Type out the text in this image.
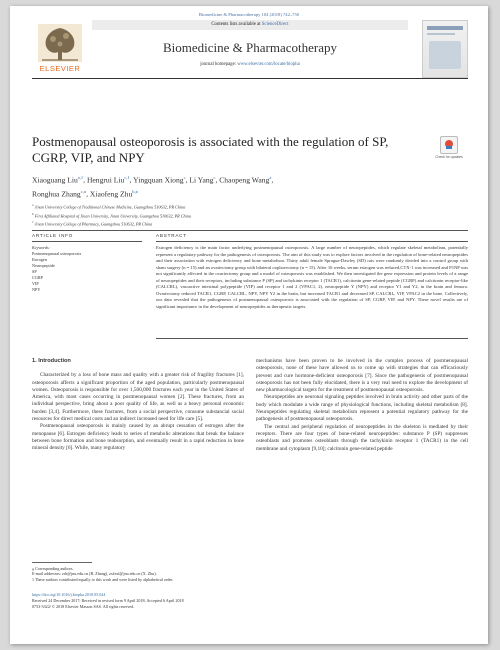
Biomedicine & Pharmacotherapy 104 (2018) 742–750
ELSEVIER
Contents lists available at ScienceDirect
Biomedicine & Pharmacotherapy
journal homepage: www.elsevier.com/locate/biopha
Postmenopausal osteoporosis is associated with the regulation of SP, CGRP, VIP, and NPY	Check for updates
Xiaoguang Liu$^{a,1}$, Hengrui Liu$^{c,1}$, Yingquan Xiong$^c$, Li Yang$^c$, Chaopeng Wang$^a$,
Ronghua Zhang$^{c,⁎}$, Xiaofeng Zhu$^{b,⁎}$
$^a$ Jinan University College of Traditional Chinese Medicine, Guangzhou 510632, PR China
$^b$ First Affiliated Hospital of Jinan University, Jinan University, Guangzhou 510632, PR China
$^c$ Jinan University College of Pharmacy, Guangzhou 510632, PR China
ARTICLE INFO	ABSTRACT
Keywords:
Postmenopausal osteoporosis
Estrogen
Neuropeptide
SP
CGRP
VIP
NPY
Estrogen deficiency is the main factor underlying postmenopausal osteoporosis. A large number of neuropeptides, which regulate skeletal metabolism, potentially represent a regulatory pathway for the pathogenesis of osteoporosis. The aim of this study was to explore factors involved in the regulation of bone-related neuropeptides and their association with estrogen deficiency and bone metabolism. Thirty adult female Sprague-Dawley (SD) rats were randomly divided into a control group with sham surgery (n = 15) and an ovariectomy group with bilateral oophorectomy (n = 15). After 16 weeks, serum estrogen was reduced,CTX-1 was increased and P1NP was not significantly affected in the ovariectomy group and a model of osteoporosis was established. We then investigated the gene expression and protein levels of a range of neuropeptides and their receptors, including substance P (SP) and tachykinin receptor 1 (TACR1), calcitonin gene-related peptide (CGRP) and calcitonin receptor-like (CALCRL), vasoactive intestinal polypeptide (VIP) and receptor 1 and 2 (VPAC1, 2), neuropeptide Y (NPY) and receptor Y1 and Y2, in the brain and femora. Ovariectomy reduced TACR1, CGRP, CALCRL, NPY, NPY Y2 in the brain, but increased TACR1 and decreased SP, CALCRL, VIP, VPAC2 in the bone. Collectively, our data revealed that the pathogenesis of postmenopausal osteoporosis is associated with the regulation of SP, CGRP, VIP, and NPY. These novel results are of significant importance in the development of neuropeptides as therapeutic targets.

1. Introduction

Characterized by a loss of bone mass and quality with a greater risk of fragility fractures [1], osteoporosis affects a significant proportion of the aged population, particularly postmenopausal women. Osteoporosis is responsible for over 1,500,000 fractures each year in the United States of America, with most cases occurring in postmenopausal women [2]. These fractures, from an individual perspective, bring about a poor quality of life, as well as a heavy personal economic burden [3,4]. Furthermore, these fractures, from a social perspective, consume substancial social resources for direct medical costs and an indirect increased need for life care [5].

Postmenopausal osteoporosis is mainly caused by an abrupt cessation of estrogen after the menopause [6]. Estrogen deficiency leads to series of metabolic alterations that break the balance between bone formation and bone reabsorption, and eventually result in a rapid reduction in bone mineral density [6]. While, many regulatory

mechanisms have been proven to be involved in the complex process of postmenopausal osteoporosis, none of these have allowed us to come up with strategies that can efficaciously prevent and cure hormone-deficient osteoporosis [7]. Since the pathogenesis of postmenopausal osteoporosis has not been fully elucidated, there is a very real need to explore the development of new pharmacological targets for the treatment of postmenopausal osteoporosis.

Neuropeptides are neuronal signaling peptides involved in brain activity and other parts of the body which modulate a wide range of physiological functions, including skeletal metabolism [8]. Neuropeptides regulating skeletal metabolism represent a potential regulatory pathway for the pathogenesis of postmenopausal osteoporosis.

The central and peripheral regulation of neuropeptides in the skeleton is mediated by their receptors. There are four types of bone-related neuropeptides: substance P (SP) suppresses osteoblasts and promotes osteoblasts through the tachykinin receptor 1 (TACR1) in the cell membrane and cytoplasm [9,10]; calcitonin gene-related peptide

⁎ Corresponding authors.
E-mail addresses: zrh@jnu.edu.cn (R. Zhang), zxfzxf@jnu.edu.cn (X. Zhu).
1 These authors contributed equally to this work and were listed by alphabetical order.
https://doi.org/10.1016/j.biopha.2018.05.044
Received 24 December 2017; Received in revised form 9 April 2018; Accepted 6 April 2018
0753-3322/ © 2018 Elsevier Masson SAS. All rights reserved.
